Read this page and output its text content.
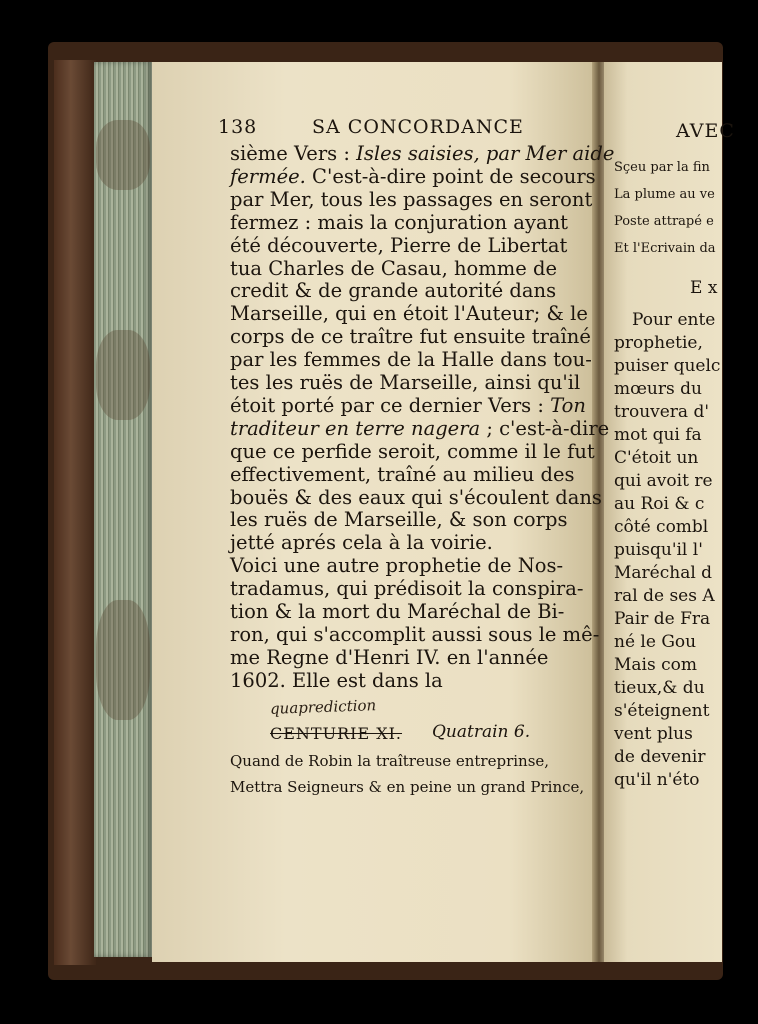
138	SA CONCORDANCE
sième Vers : Isles saisies, par Mer aide
fermée. C'est-à-dire point de secours
par Mer, tous les passages en seront
fermez : mais la conjuration ayant
été découverte, Pierre de Libertat
tua Charles de Casau, homme de
credit & de grande autorité dans
Marseille, qui en étoit l'Auteur; & le
corps de ce traître fut ensuite traîné
par les femmes de la Halle dans tou-
tes les ruës de Marseille, ainsi qu'il
étoit porté par ce dernier Vers : Ton
traditeur en terre nagera ; c'est-à-dire
que ce perfide seroit, comme il le fut
effectivement, traîné au milieu des
bouës & des eaux qui s'écoulent dans
les ruës de Marseille, & son corps
jetté aprés cela à la voirie.
Voici une autre prophetie de Nos-
tradamus, qui prédisoit la conspira-
tion & la mort du Maréchal de Bi-
ron, qui s'accomplit aussi sous le mê-
me Regne d'Henri IV. en l'année
1602. Elle est dans la
quaprediction
CENTURIE XI. Quatrain 6.
Quand de Robin la traîtreuse entreprinse,
Mettra Seigneurs & en peine un grand Prince,
AVEC
Sçeu par la fin
La plume au ve
Poste attrapé e
Et l'Ecrivain da
E x
Pour ente
prophetie,
puiser quelc
mœurs du
trouvera d'
mot qui fa
C'étoit un
qui avoit re
au Roi & c
côté combl
puisqu'il l'
Maréchal d
ral de ses A
Pair de Fra
né le Gou
Mais com
tieux,& du
s'éteignent
vent plus
de devenir
qu'il n'éto
